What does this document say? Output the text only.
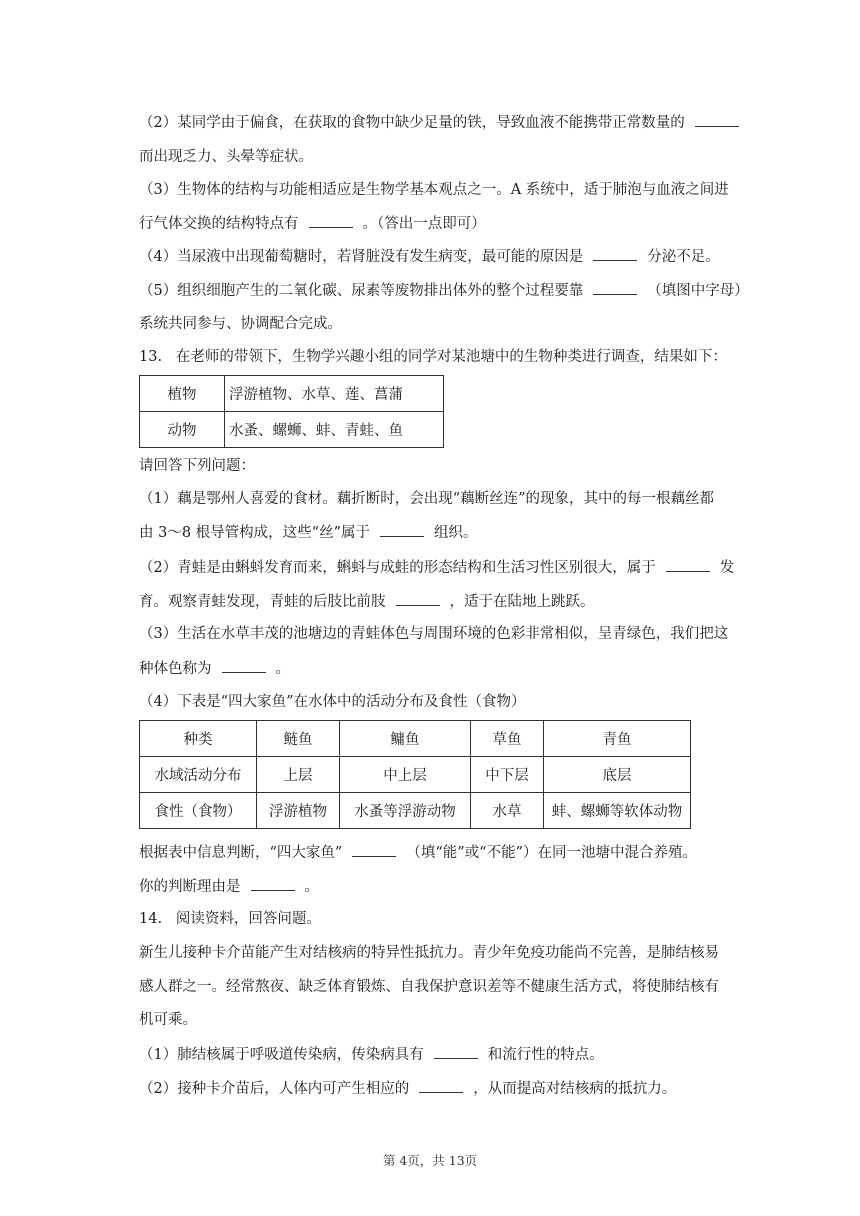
（2）某同学由于偏食，在获取的食物中缺少足量的铁，导致血液不能携带正常数量的
而出现乏力、头晕等症状。
（3）生物体的结构与功能相适应是生物学基本观点之一。A 系统中，适于肺泡与血液之间进
行气体交换的结构特点有	。（答出一点即可）
（4）当尿液中出现葡萄糖时，若肾脏没有发生病变，最可能的原因是	分泌不足。
（5）组织细胞产生的二氧化碳、尿素等废物排出体外的整个过程要靠	（填图中字母）
系统共同参与、协调配合完成。
13.   在老师的带领下，生物学兴趣小组的同学对某池塘中的生物种类进行调查，结果如下：
植物	浮游植物、水草、莲、菖蒲
动物	水蚤、螺蛳、蚌、青蛙、鱼
请回答下列问题：
（1）藕是鄂州人喜爱的食材。藕折断时，会出现“藕断丝连”的现象，其中的每一根藕丝都
由 3～8 根导管构成，这些“丝”属于	组织。
（2）青蛙是由蝌蚪发育而来，蝌蚪与成蛙的形态结构和生活习性区别很大，属于	发
育。观察青蛙发现，青蛙的后肢比前肢	，适于在陆地上跳跃。
（3）生活在水草丰茂的池塘边的青蛙体色与周围环境的色彩非常相似，呈青绿色，我们把这
种体色称为	。
（4）下表是“四大家鱼”在水体中的活动分布及食性（食物）
种类	鲢鱼	鳙鱼	草鱼	青鱼
水域活动分布	上层	中上层	中下层	底层
食性（食物）	浮游植物	水蚤等浮游动物	水草	蚌、螺蛳等软体动物
根据表中信息判断，“四大家鱼”	（填“能”或“不能”）在同一池塘中混合养殖。
你的判断理由是	。
14.   阅读资料，回答问题。
新生儿接种卡介苗能产生对结核病的特异性抵抗力。青少年免疫功能尚不完善，是肺结核易
感人群之一。经常熬夜、缺乏体育锻炼、自我保护意识差等不健康生活方式，将使肺结核有
机可乘。
（1）肺结核属于呼吸道传染病，传染病具有	和流行性的特点。
（2）接种卡介苗后，人体内可产生相应的	，从而提高对结核病的抵抗力。
第 4页，共 13页
